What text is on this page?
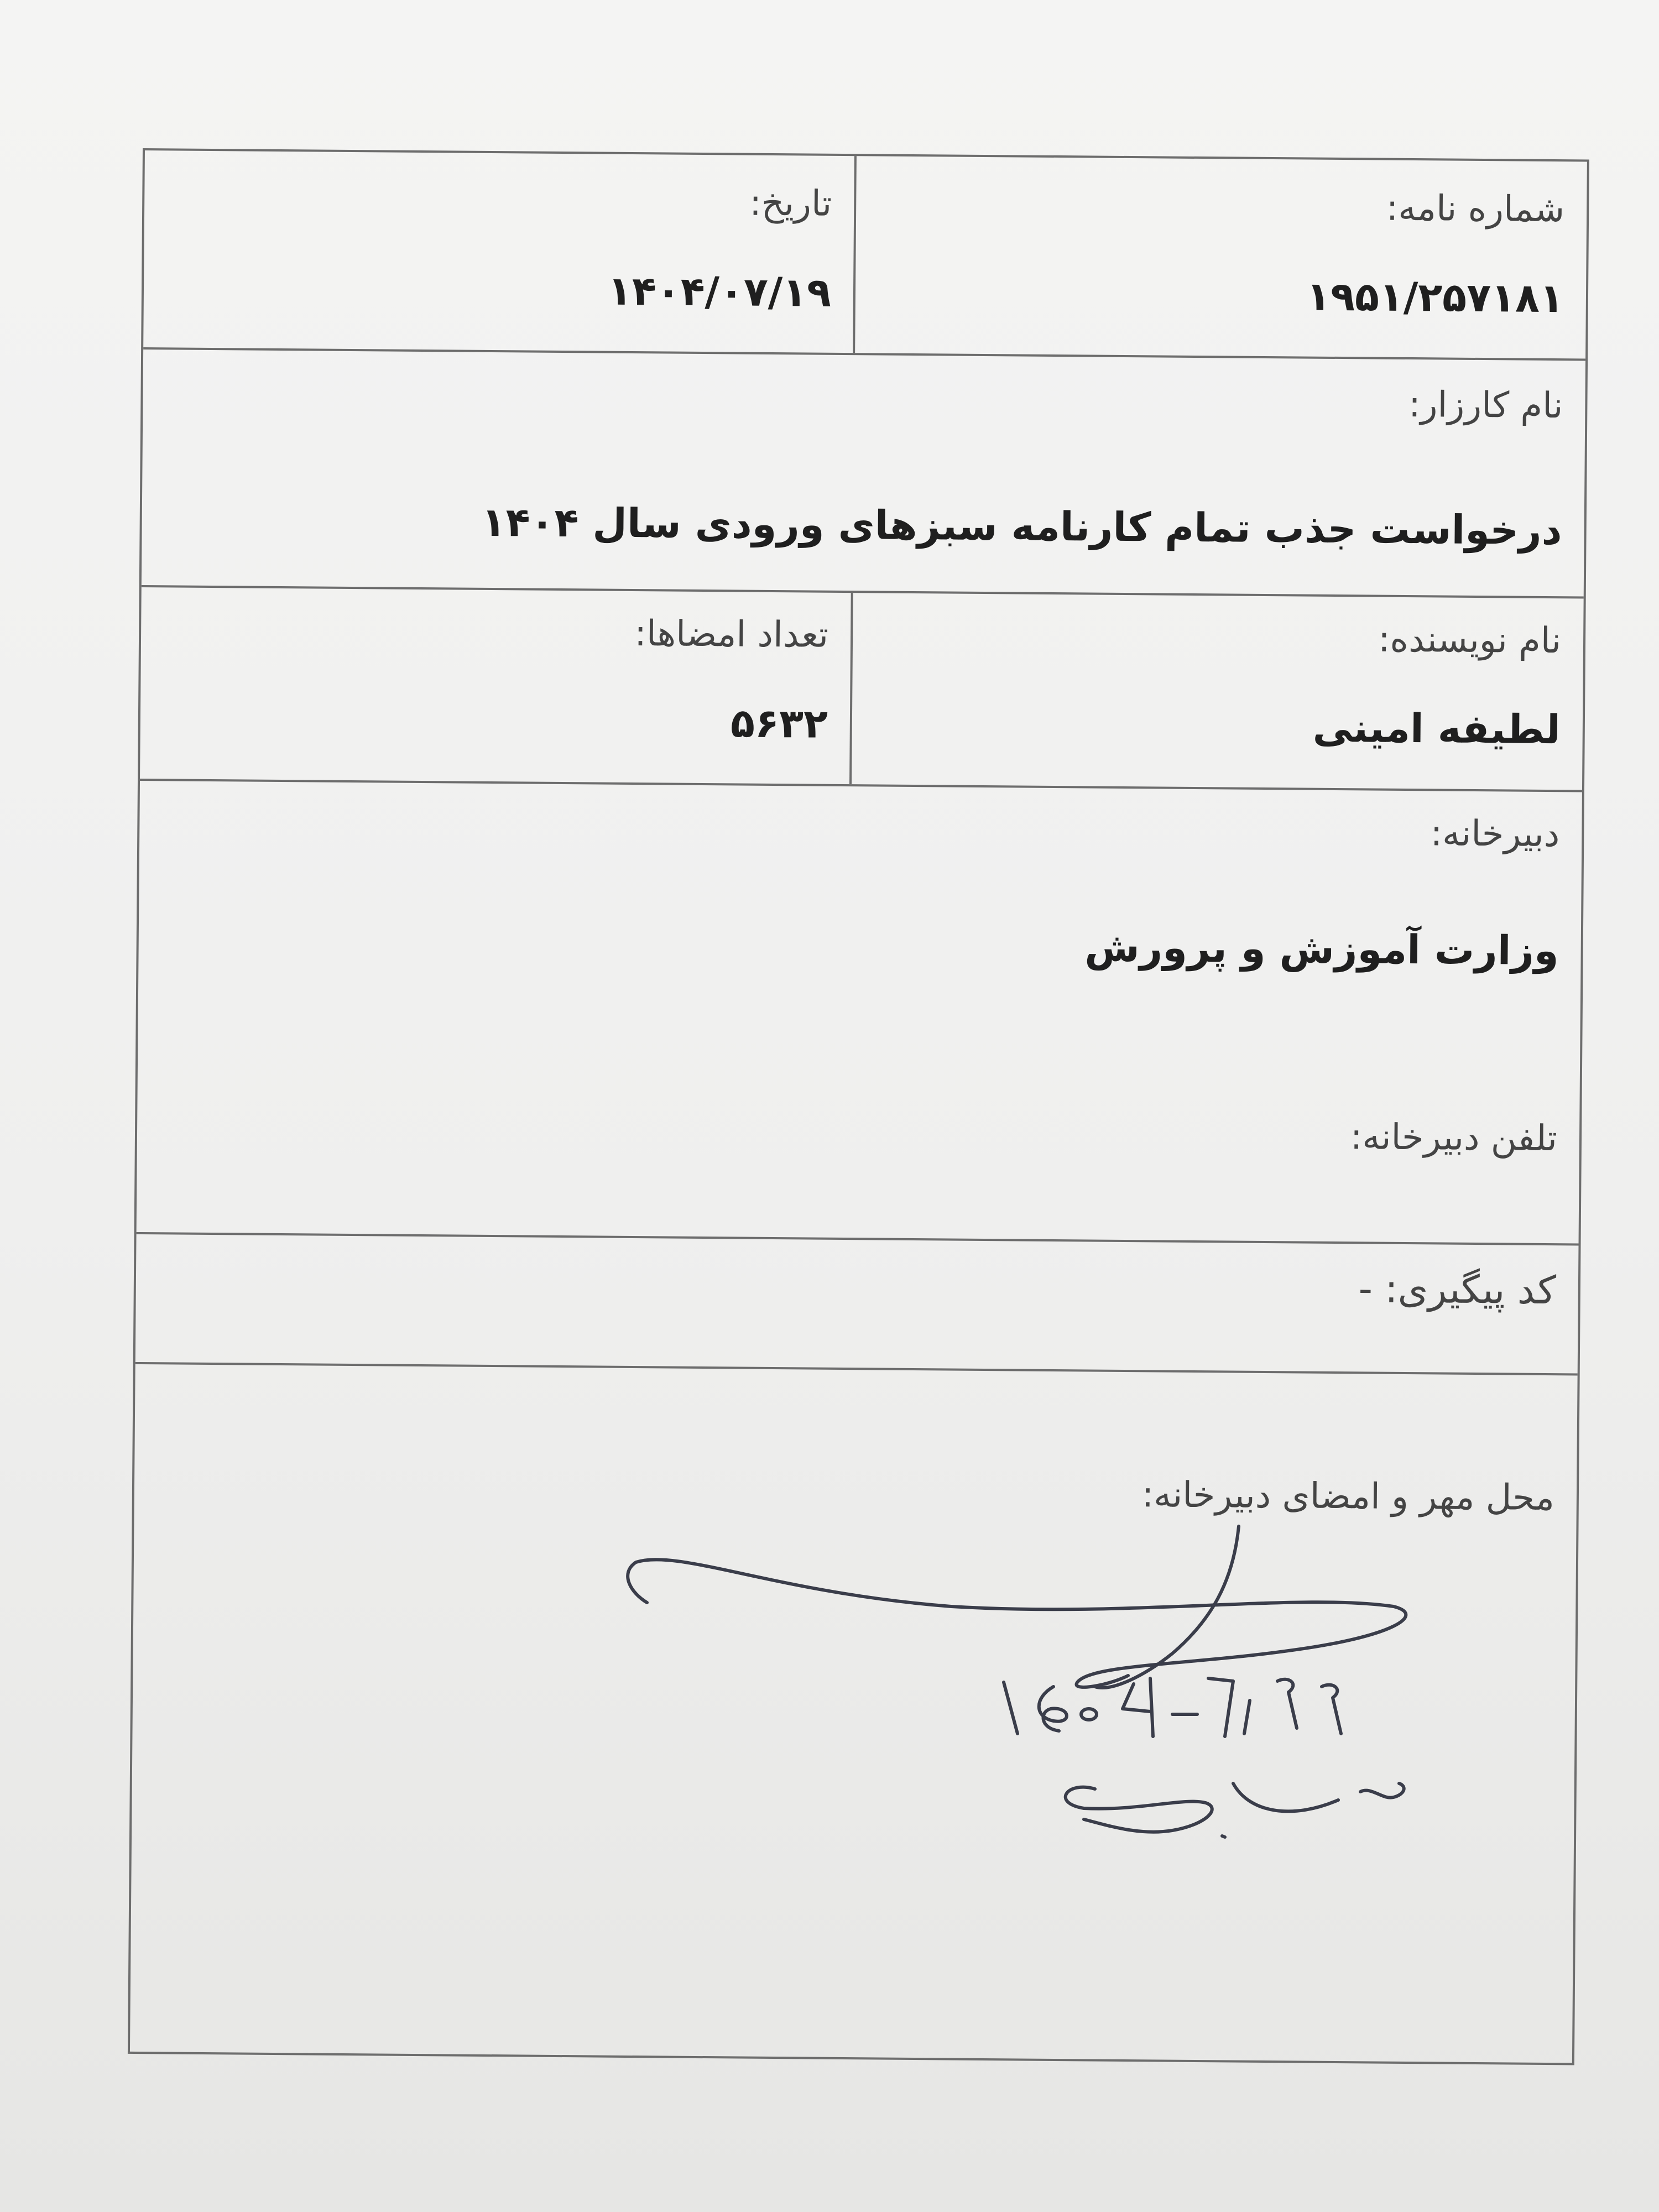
شماره نامه:
۱۹۵۱/۲۵۷۱۸۱
تاریخ:
۱۴۰۴/۰۷/۱۹
نام کارزار:
درخواست جذب تمام کارنامه سبزهای ورودی سال ۱۴۰۴
نام نویسنده:
لطیفه امینی
تعداد امضاها:
۵۶۳۲
دبیرخانه:
وزارت آموزش و پرورش
تلفن دبیرخانه:
کد پیگیری: -
محل مهر و امضای دبیرخانه:
